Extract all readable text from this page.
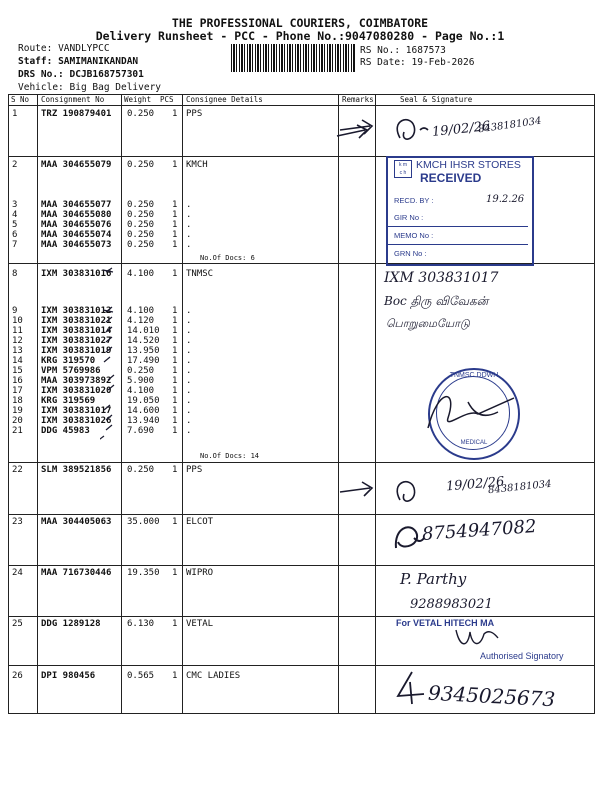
THE PROFESSIONAL COURIERS, COIMBATORE
Delivery Runsheet - PCC - Phone No.:9047080280 - Page No.:1
Route: VANDLYPCC
Staff: SAMIMANIKANDAN
DRS No.: DCJB168757301
Vehicle: Big Bag Delivery
RS No.: 1687573
RS Date: 19-Feb-2026
S No Consignment No	Weight PCS Consignee Details	Remarks	Seal & Signature
1	TRZ 190879401 0.250 1 PPS
2	MAA 304655079 0.250 1 KMCH
3	MAA 304655077 0.250 1 .
4	MAA 304655080 0.250 1 .
5	MAA 304655076 0.250 1 .
6	MAA 304655074 0.250 1 .
7	MAA 304655073 0.250 1 .
8	IXM 303831016 4.100 1 TNMSC
9	IXM 303831012 4.100 1 .
10 IXM 303831021 4.120 1 .
11 IXM 303831014 14.010 1 .
12 IXM 303831027 14.520 1 .
13 IXM 303831019 13.950 1 .
14 KRG 319570	17.490 1 .
15 VPM 5769986	0.250 1 .
16 MAA 303973892 5.900 1 .
17 IXM 303831020 4.100 1 .
18 KRG 319569	19.050 1 .
19 IXM 303831017 14.600 1 .
20 IXM 303831026 13.940 1 .
21 DDG 45983	7.690 1 .
22 SLM 389521856 0.250 1 PPS
23 MAA 304405063 35.000 1 ELCOT
24 MAA 716730446 19.350 1 WIPRO
25 DDG 1289128	6.130 1 VETAL
26 DPI 980456	0.565 1 CMC LADIES
No.Of Docs: 6
No.Of Docs: 14
19/02/26
8438181034
k m
c h
KMCH IHSR STORES
RECEIVED
RECD. BY :
GIR No :
MEMO No :
GRN No :
19.2.26
IXM 303831017
Boc திரு விவேகன்
பொறுமையோடு
TNMSC DDWH
MEDICAL
19/02/26
8438181034
8754947082
P. Parthy
9288983021
For VETAL HITECH MA
Authorised Signatory
9345025673
